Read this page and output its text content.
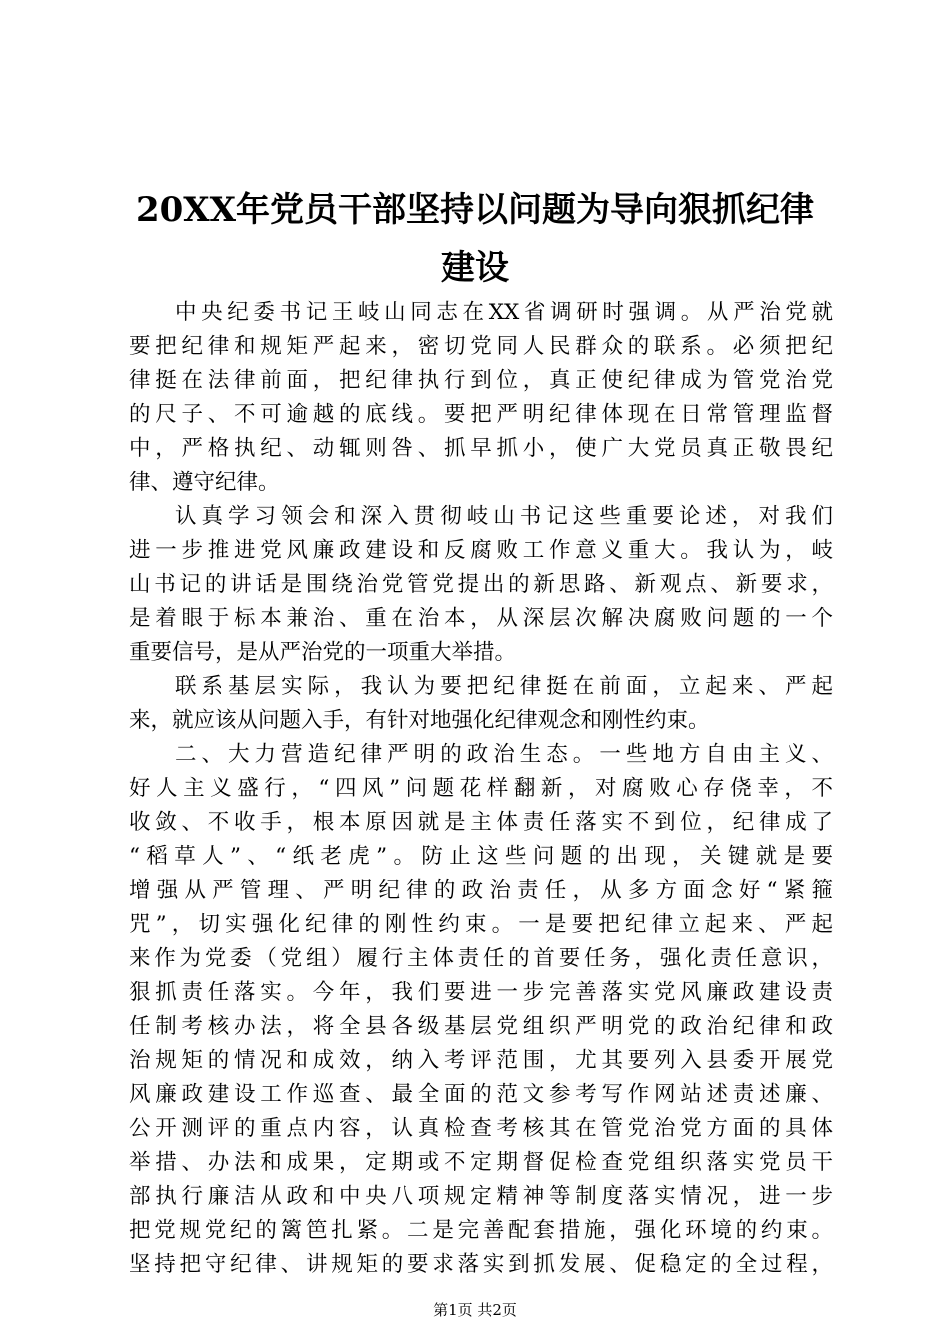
20XX年党员干部坚持以问题为导向狠抓纪律
建设
中央纪委书记王岐山同志在XX省调研时强调。从严治党就
要把纪律和规矩严起来，密切党同人民群众的联系。必须把纪
律挺在法律前面，把纪律执行到位，真正使纪律成为管党治党
的尺子、不可逾越的底线。要把严明纪律体现在日常管理监督
中，严格执纪、动辄则咎、抓早抓小，使广大党员真正敬畏纪
律、遵守纪律。
认真学习领会和深入贯彻岐山书记这些重要论述，对我们
进一步推进党风廉政建设和反腐败工作意义重大。我认为，岐
山书记的讲话是围绕治党管党提出的新思路、新观点、新要求，
是着眼于标本兼治、重在治本，从深层次解决腐败问题的一个
重要信号，是从严治党的一项重大举措。
联系基层实际，我认为要把纪律挺在前面，立起来、严起
来，就应该从问题入手，有针对地强化纪律观念和刚性约束。
二、大力营造纪律严明的政治生态。一些地方自由主义、
好人主义盛行，“四风”问题花样翻新，对腐败心存侥幸，不
收敛、不收手，根本原因就是主体责任落实不到位，纪律成了
“稻草人”、“纸老虎”。防止这些问题的出现，关键就是要
增强从严管理、严明纪律的政治责任，从多方面念好“紧箍
咒”，切实强化纪律的刚性约束。一是要把纪律立起来、严起
来作为党委（党组）履行主体责任的首要任务，强化责任意识，
狠抓责任落实。今年，我们要进一步完善落实党风廉政建设责
任制考核办法，将全县各级基层党组织严明党的政治纪律和政
治规矩的情况和成效，纳入考评范围，尤其要列入县委开展党
风廉政建设工作巡查、最全面的范文参考写作网站述责述廉、
公开测评的重点内容，认真检查考核其在管党治党方面的具体
举措、办法和成果，定期或不定期督促检查党组织落实党员干
部执行廉洁从政和中央八项规定精神等制度落实情况，进一步
把党规党纪的篱笆扎紧。二是完善配套措施，强化环境的约束。
坚持把守纪律、讲规矩的要求落实到抓发展、促稳定的全过程，
第1页 共2页
